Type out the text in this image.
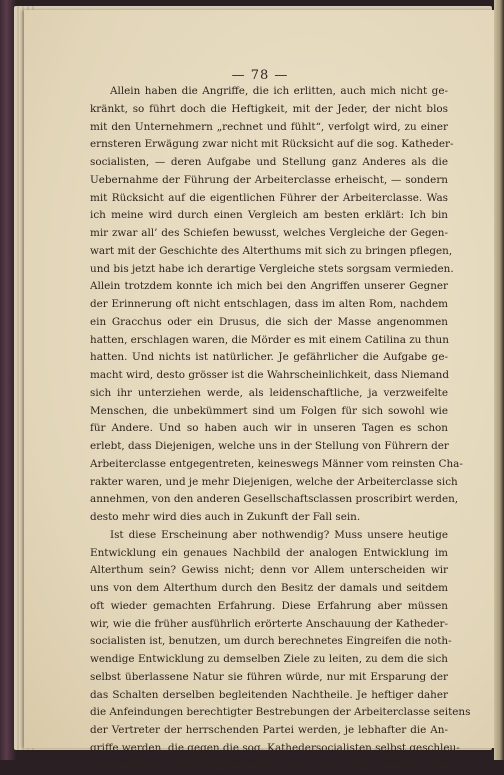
— 78 —
Allein haben die Angriffe, die ich erlitten, auch mich nicht ge-
kränkt, so führt doch die Heftigkeit, mit der Jeder, der nicht blos
mit den Unternehmern „rechnet und fühlt“, verfolgt wird, zu einer
ernsteren Erwägung zwar nicht mit Rücksicht auf die sog. Katheder-
socialisten, — deren Aufgabe und Stellung ganz Anderes als die
Uebernahme der Führung der Arbeiterclasse erheischt, — sondern
mit Rücksicht auf die eigentlichen Führer der Arbeiterclasse. Was
ich meine wird durch einen Vergleich am besten erklärt: Ich bin
mir zwar all’ des Schiefen bewusst, welches Vergleiche der Gegen-
wart mit der Geschichte des Alterthums mit sich zu bringen pflegen,
und bis jetzt habe ich derartige Vergleiche stets sorgsam vermieden.
Allein trotzdem konnte ich mich bei den Angriffen unserer Gegner
der Erinnerung oft nicht entschlagen, dass im alten Rom, nachdem
ein Gracchus oder ein Drusus, die sich der Masse angenommen
hatten, erschlagen waren, die Mörder es mit einem Catilina zu thun
hatten. Und nichts ist natürlicher. Je gefährlicher die Aufgabe ge-
macht wird, desto grösser ist die Wahrscheinlichkeit, dass Niemand
sich ihr unterziehen werde, als leidenschaftliche, ja verzweifelte
Menschen, die unbekümmert sind um Folgen für sich sowohl wie
für Andere. Und so haben auch wir in unseren Tagen es schon
erlebt, dass Diejenigen, welche uns in der Stellung von Führern der
Arbeiterclasse entgegentreten, keineswegs Männer vom reinsten Cha-
rakter waren, und je mehr Diejenigen, welche der Arbeiterclasse sich
annehmen, von den anderen Gesellschaftsclassen proscribirt werden,
desto mehr wird dies auch in Zukunft der Fall sein.
Ist diese Erscheinung aber nothwendig? Muss unsere heutige
Entwicklung ein genaues Nachbild der analogen Entwicklung im
Alterthum sein? Gewiss nicht; denn vor Allem unterscheiden wir
uns von dem Alterthum durch den Besitz der damals und seitdem
oft wieder gemachten Erfahrung. Diese Erfahrung aber müssen
wir, wie die früher ausführlich erörterte Anschauung der Katheder-
socialisten ist, benutzen, um durch berechnetes Eingreifen die noth-
wendige Entwicklung zu demselben Ziele zu leiten, zu dem die sich
selbst überlassene Natur sie führen würde, nur mit Ersparung der
das Schalten derselben begleitenden Nachtheile. Je heftiger daher
die Anfeindungen berechtigter Bestrebungen der Arbeiterclasse seitens
der Vertreter der herrschenden Partei werden, je lebhafter die An-
griffe werden, die gegen die sog. Kathedersocialisten selbst geschleu-
dert werden, desto weniger kann es in deren Sinn kommen, die
